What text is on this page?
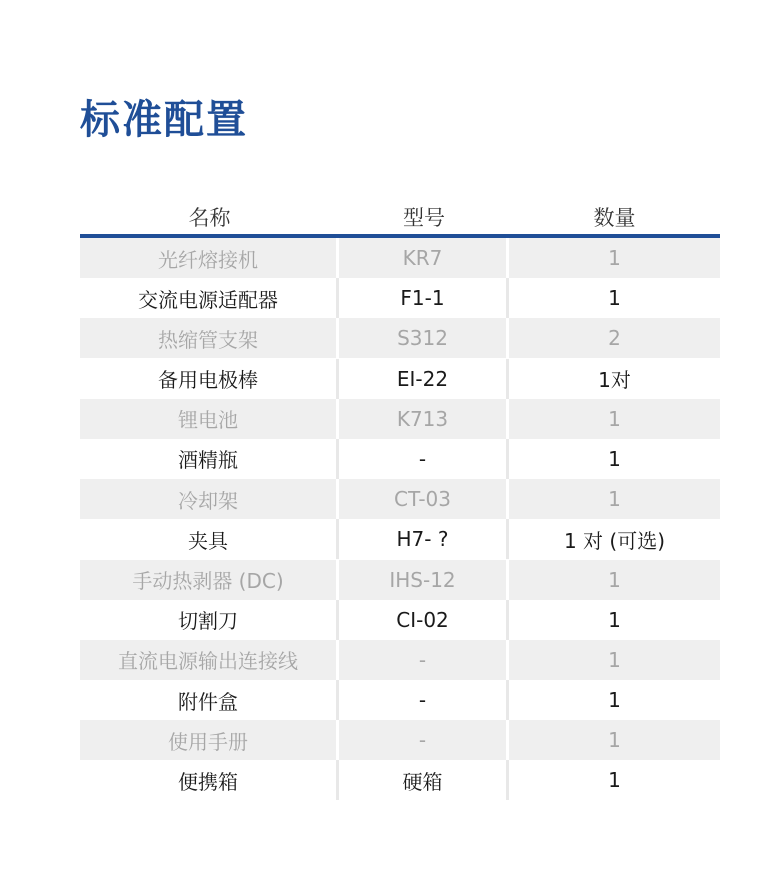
标准配置
名称	型号	数量
光纤熔接机	KR7	1
交流电源适配器	F1-1	1
热缩管支架	S312	2
备用电极棒	EI-22	1对
锂电池	K713	1
酒精瓶	-	1
冷却架	CT-03	1
夹具	H7- ?	1 对 (可选)
手动热剥器 (DC)	IHS-12	1
切割刀	CI-02	1
直流电源输出连接线	-	1
附件盒	-	1
使用手册	-	1
便携箱	硬箱	1
